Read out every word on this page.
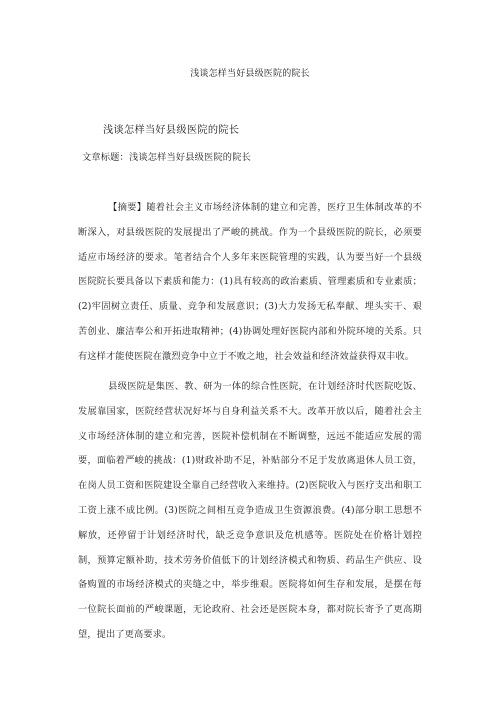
浅谈怎样当好县级医院的院长
浅谈怎样当好县级医院的院长
文章标题：浅谈怎样当好县级医院的院长
【摘要】随着社会主义市场经济体制的建立和完善，医疗卫生体制改革的不断深入，对县级医院的发展提出了严峻的挑战。作为一个县级医院的院长，必须要适应市场经济的要求。笔者结合个人多年来医院管理的实践，认为要当好一个县级医院院长要具备以下素质和能力：(1)具有较高的政治素质、管理素质和专业素质；(2)牢固树立责任、质量、竞争和发展意识；(3)大力发扬无私奉献、埋头实干、艰苦创业、廉洁奉公和开拓进取精神；(4)协调处理好医院内部和外院环境的关系。只有这样才能使医院在激烈竞争中立于不败之地，社会效益和经济效益获得双丰收。
县级医院是集医、教、研为一体的综合性医院，在计划经济时代医院吃饭、发展靠国家，医院经营状况好坏与自身利益关系不大。改革开放以后，随着社会主义市场经济体制的建立和完善，医院补偿机制在不断调整，远远不能适应发展的需要，面临着严峻的挑战：(1)财政补助不足，补贴部分不足于发放离退休人员工资，在岗人员工资和医院建设全靠自己经营收入来维持。(2)医院收入与医疗支出和职工工资上涨不成比例。(3)医院之间相互竞争造成卫生资源浪费。(4)部分职工思想不解放，还停留于计划经济时代，缺乏竞争意识及危机感等。医院处在价格计划控制，预算定额补助，技术劳务价值低下的计划经济模式和物质、药品生产供应、设备购置的市场经济模式的夹缝之中，举步维艰。医院将如何生存和发展，是摆在每一位院长面前的严峻课题，无论政府、社会还是医院本身，都对院长寄予了更高期望，提出了更高要求。
